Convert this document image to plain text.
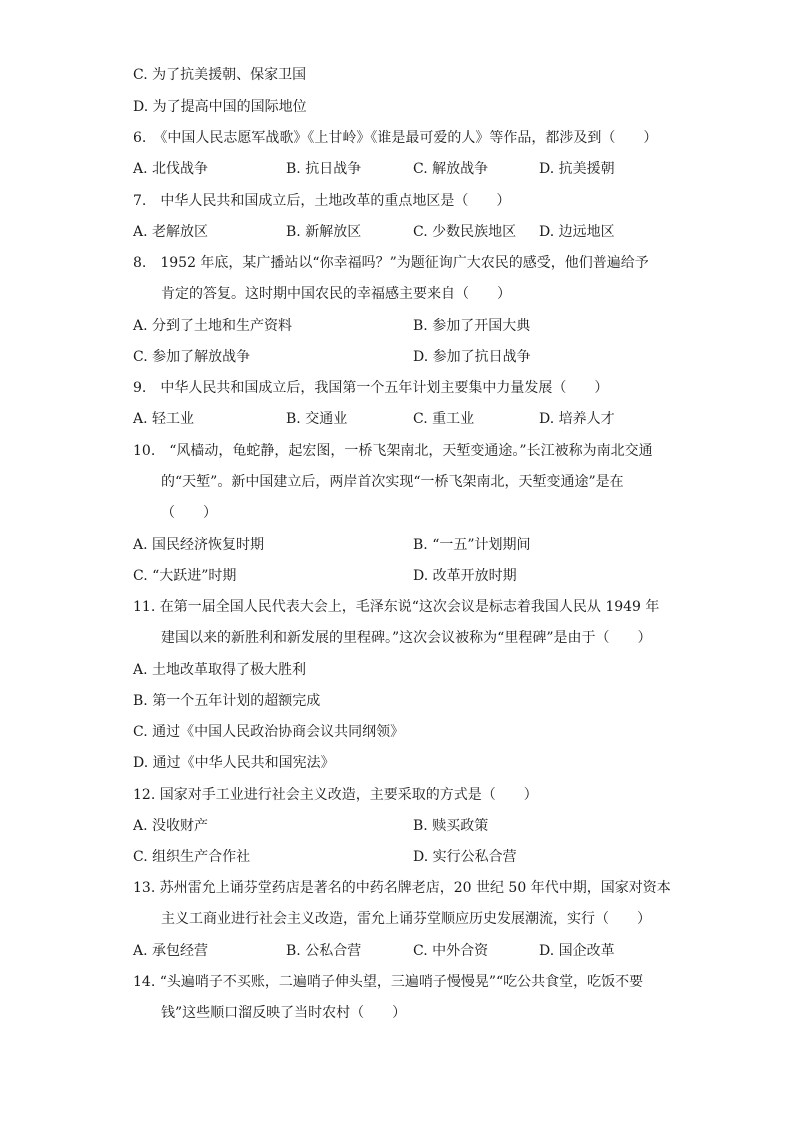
C. 为了抗美援朝、保家卫国
D. 为了提高中国的国际地位
6.　《中国人民志愿军战歌》《上甘岭》《谁是最可爱的人》等作品，都涉及到（　　）
A. 北伐战争	B. 抗日战争	C. 解放战争	D. 抗美援朝
7.　中华人民共和国成立后，土地改革的重点地区是（　　）
A. 老解放区	B. 新解放区	C. 少数民族地区 D. 边远地区
8.　1952 年底，某广播站以“你幸福吗？”为题征询广大农民的感受，他们普遍给予
肯定的答复。这时期中国农民的幸福感主要来自（　　）
A. 分到了土地和生产资料	B. 参加了开国大典
C. 参加了解放战争	D. 参加了抗日战争
9.　中华人民共和国成立后，我国第一个五年计划主要集中力量发展（　　）
A. 轻工业	B. 交通业	C. 重工业	D. 培养人才
10.　“风樯动，龟蛇静，起宏图，一桥飞架南北，天堑变通途。”长江被称为南北交通
的“天堑”。新中国建立后，两岸首次实现“一桥飞架南北，天堑变通途”是在
（　　）
A. 国民经济恢复时期	B. “一五”计划期间
C. “大跃进”时期	D. 改革开放时期
11. 在第一届全国人民代表大会上，毛泽东说“这次会议是标志着我国人民从 1949 年
建国以来的新胜利和新发展的里程碑。”这次会议被称为“里程碑”是由于（　　）
A. 土地改革取得了极大胜利
B. 第一个五年计划的超额完成
C. 通过《中国人民政治协商会议共同纲领》
D. 通过《中华人民共和国宪法》
12. 国家对手工业进行社会主义改造，主要采取的方式是（　　）
A. 没收财产	B. 赎买政策
C. 组织生产合作社	D. 实行公私合营
13. 苏州雷允上诵芬堂药店是著名的中药名牌老店，20 世纪 50 年代中期，国家对资本
主义工商业进行社会主义改造，雷允上诵芬堂顺应历史发展潮流，实行（　　）
A. 承包经营	B. 公私合营	C. 中外合资	D. 国企改革
14. “头遍哨子不买账，二遍哨子伸头望，三遍哨子慢慢晃”“吃公共食堂，吃饭不要
钱”这些顺口溜反映了当时农村（　　）
